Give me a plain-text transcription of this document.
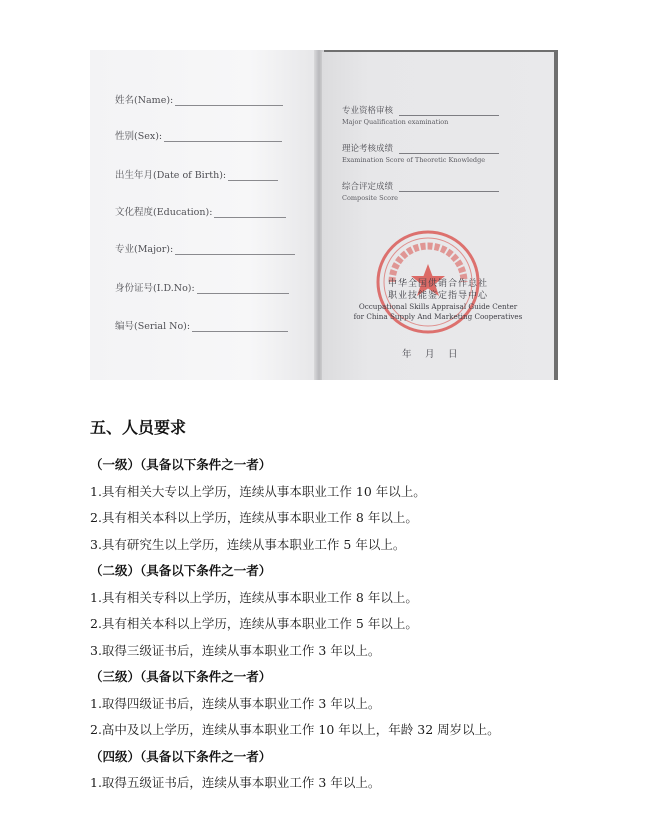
姓名(Name):
性别(Sex):
出生年月(Date of Birth):
文化程度(Education):
专业(Major):
身份证号(I.D.No):
编号(Serial No):
专业资格审核
Major Qualification examination
理论考核成绩
Examination Score of Theoretic Knowledge
综合评定成绩
Composite Score
中华全国供销合作总社
职业技能鉴定指导中心
Occupational Skills Appraisal Guide Center
for China Supply And Marketing Cooperatives
年　月　日
五、人员要求
（一级）（具备以下条件之一者）
1.具有相关大专以上学历，连续从事本职业工作 10 年以上。
2.具有相关本科以上学历，连续从事本职业工作 8 年以上。
3.具有研究生以上学历，连续从事本职业工作 5 年以上。
（二级）（具备以下条件之一者）
1.具有相关专科以上学历，连续从事本职业工作 8 年以上。
2.具有相关本科以上学历，连续从事本职业工作 5 年以上。
3.取得三级证书后，连续从事本职业工作 3 年以上。
（三级）（具备以下条件之一者）
1.取得四级证书后，连续从事本职业工作 3 年以上。
2.高中及以上学历，连续从事本职业工作 10 年以上，年龄 32 周岁以上。
（四级）（具备以下条件之一者）
1.取得五级证书后，连续从事本职业工作 3 年以上。
